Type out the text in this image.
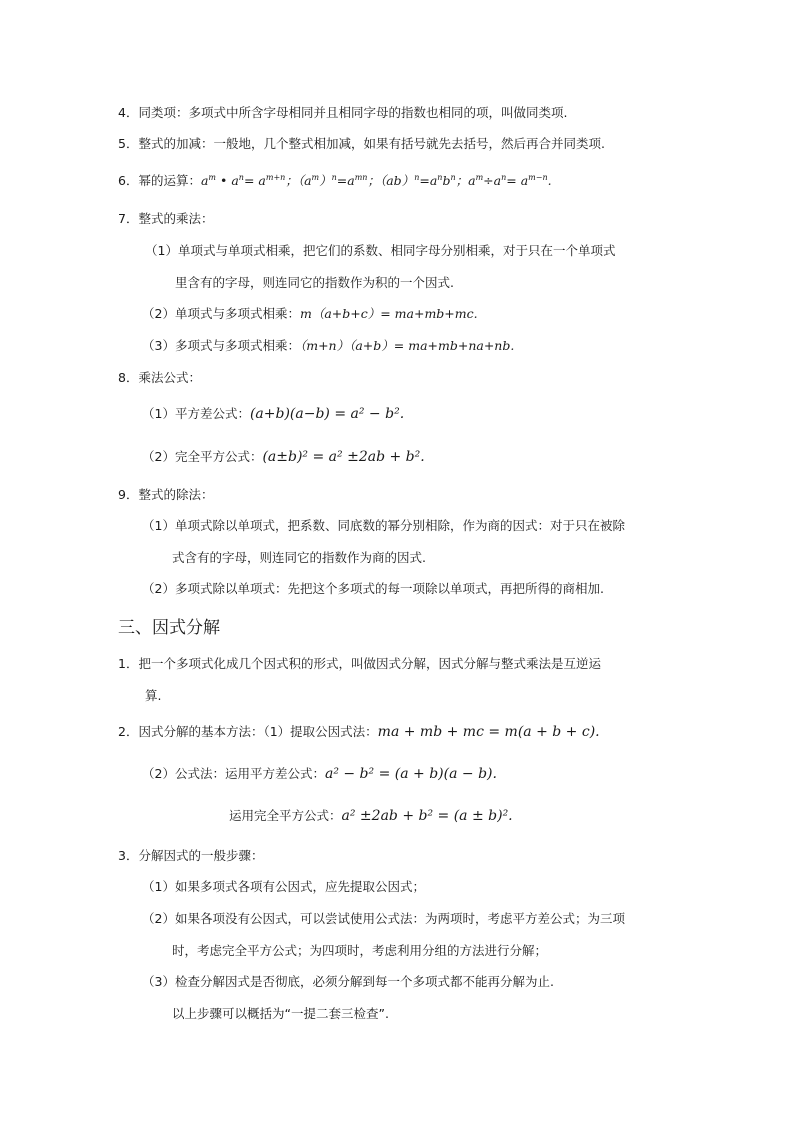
4．同类项：多项式中所含字母相同并且相同字母的指数也相同的项，叫做同类项.
5．整式的加减：一般地，几个整式相加减，如果有括号就先去括号，然后再合并同类项.
6．幂的运算：$a^m$ • $a^n= a^{m+n}$；$(a^m)^n=a^{mn}$；$(ab)^n=a^nb^n$；$a^m\div a^n= a^{m-n}$.
7．整式的乘法：
（1）单项式与单项式相乘，把它们的系数、相同字母分别相乘，对于只在一个单项式
里含有的字母，则连同它的指数作为积的一个因式.
（2）单项式与多项式相乘：m（a+b+c）= ma+mb+mc.
（3）多项式与多项式相乘：（m+n）（a+b）= ma+mb+na+nb.
8．乘法公式：
（1）平方差公式：(a+b)(a−b) = a² − b².
（2）完全平方公式：(a±b)² = a² ±2ab + b².
9．整式的除法：
（1）单项式除以单项式，把系数、同底数的幂分别相除，作为商的因式：对于只在被除
式含有的字母，则连同它的指数作为商的因式.
（2）多项式除以单项式：先把这个多项式的每一项除以单项式，再把所得的商相加.
三、因式分解
1．把一个多项式化成几个因式积的形式，叫做因式分解，因式分解与整式乘法是互逆运
算.
2．因式分解的基本方法：（1）提取公因式法：ma + mb + mc = m(a + b + c).
（2）公式法：运用平方差公式：a² − b² = (a + b)(a − b).
运用完全平方公式：a² ±2ab + b² = (a ± b)².
3．分解因式的一般步骤：
（1）如果多项式各项有公因式，应先提取公因式；
（2）如果各项没有公因式，可以尝试使用公式法：为两项时，考虑平方差公式；为三项
时，考虑完全平方公式；为四项时，考虑利用分组的方法进行分解；
（3）检查分解因式是否彻底，必须分解到每一个多项式都不能再分解为止.
以上步骤可以概括为“一提二套三检查”.
